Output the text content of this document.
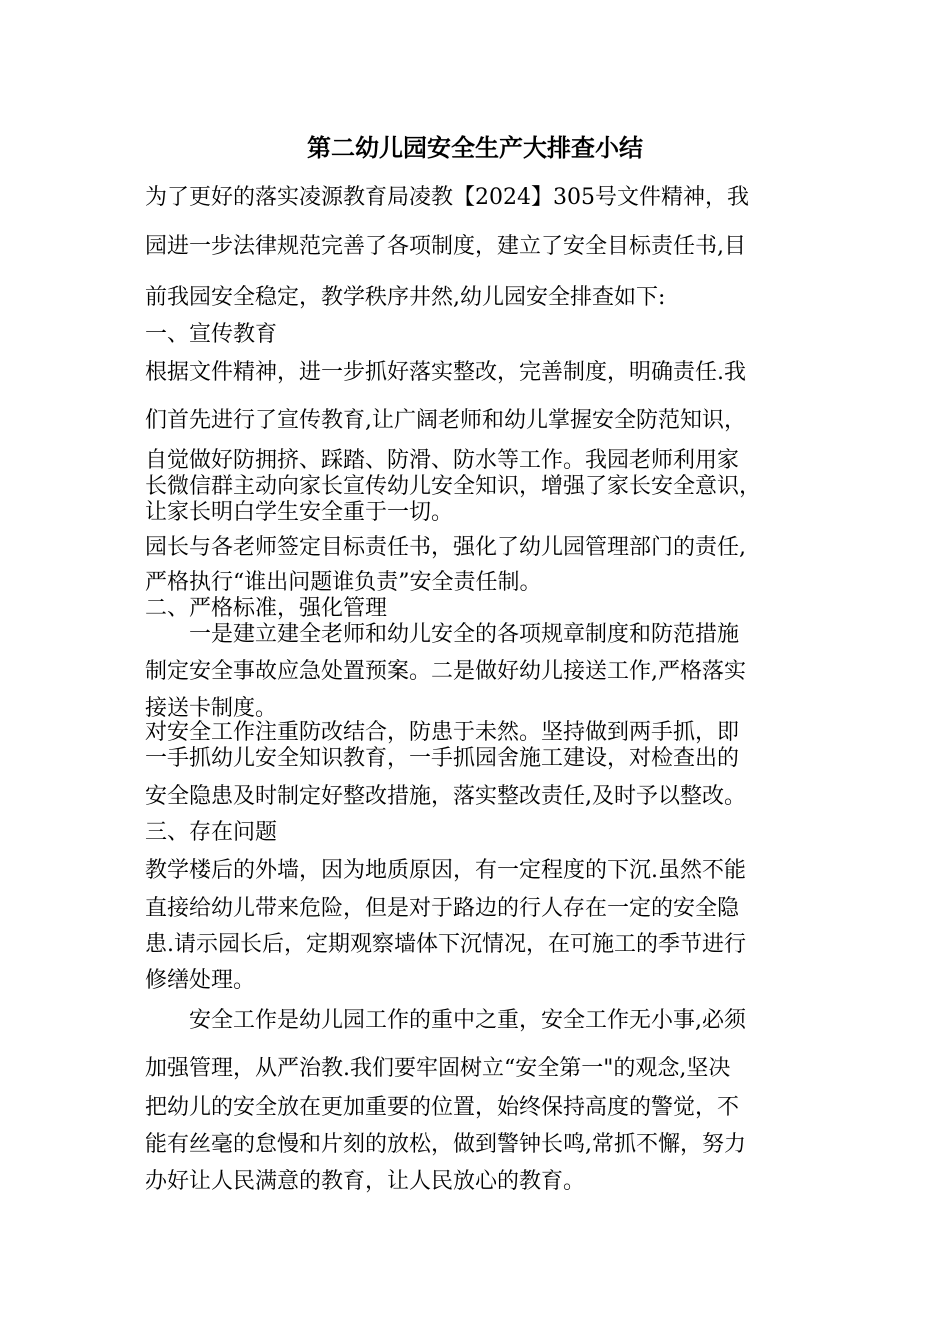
第二幼儿园安全生产大排查小结
为了更好的落实凌源教育局凌教【2024】305号文件精神，我
园进一步法律规范完善了各项制度，建立了安全目标责任书,目
前我园安全稳定，教学秩序井然,幼儿园安全排查如下:
一、宣传教育
根据文件精神，进一步抓好落实整改，完善制度，明确责任.我
们首先进行了宣传教育,让广阔老师和幼儿掌握安全防范知识，
自觉做好防拥挤、踩踏、防滑、防水等工作。我园老师利用家
长微信群主动向家长宣传幼儿安全知识，增强了家长安全意识，
让家长明白学生安全重于一切。
园长与各老师签定目标责任书，强化了幼儿园管理部门的责任,
严格执行“谁出问题谁负责”安全责任制。
二、严格标准，强化管理
一是建立建全老师和幼儿安全的各项规章制度和防范措施
制定安全事故应急处置预案。二是做好幼儿接送工作,严格落实
接送卡制度。
对安全工作注重防改结合，防患于未然。坚持做到两手抓，即
一手抓幼儿安全知识教育，一手抓园舍施工建设，对检查出的
安全隐患及时制定好整改措施，落实整改责任,及时予以整改。
三、存在问题
教学楼后的外墙，因为地质原因，有一定程度的下沉.虽然不能
直接给幼儿带来危险，但是对于路边的行人存在一定的安全隐
患.请示园长后，定期观察墙体下沉情况，在可施工的季节进行
修缮处理。
安全工作是幼儿园工作的重中之重，安全工作无小事,必须
加强管理，从严治教.我们要牢固树立“安全第一"的观念,坚决
把幼儿的安全放在更加重要的位置，始终保持高度的警觉，不
能有丝毫的怠慢和片刻的放松，做到警钟长鸣,常抓不懈，努力
办好让人民满意的教育，让人民放心的教育。
